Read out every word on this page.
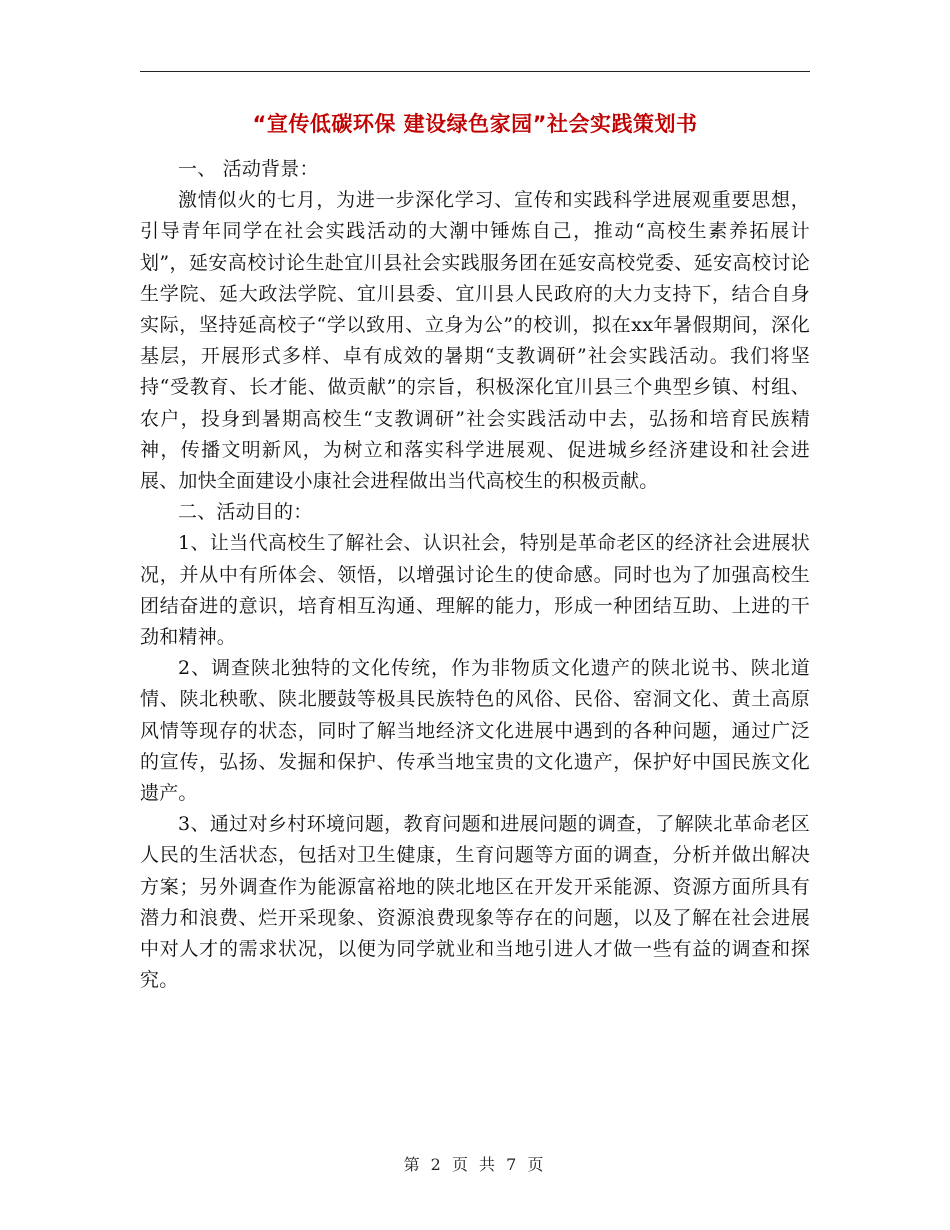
“宣传低碳环保 建设绿色家园”社会实践策划书

一、 活动背景：

激情似火的七月，为进一步深化学习、宣传和实践科学进展观重要思想，引导青年同学在社会实践活动的大潮中锤炼自己，推动“高校生素养拓展计划”，延安高校讨论生赴宜川县社会实践服务团在延安高校党委、延安高校讨论生学院、延大政法学院、宜川县委、宜川县人民政府的大力支持下，结合自身实际，坚持延高校子“学以致用、立身为公”的校训，拟在xx年暑假期间，深化基层，开展形式多样、卓有成效的暑期“支教调研”社会实践活动。我们将坚持“受教育、长才能、做贡献”的宗旨，积极深化宜川县三个典型乡镇、村组、农户，投身到暑期高校生“支教调研”社会实践活动中去，弘扬和培育民族精神，传播文明新风，为树立和落实科学进展观、促进城乡经济建设和社会进展、加快全面建设小康社会进程做出当代高校生的积极贡献。

二、活动目的：

1、让当代高校生了解社会、认识社会，特别是革命老区的经济社会进展状况，并从中有所体会、领悟，以增强讨论生的使命感。同时也为了加强高校生团结奋进的意识，培育相互沟通、理解的能力，形成一种团结互助、上进的干劲和精神。

2、调查陕北独特的文化传统，作为非物质文化遗产的陕北说书、陕北道情、陕北秧歌、陕北腰鼓等极具民族特色的风俗、民俗、窑洞文化、黄土高原风情等现存的状态，同时了解当地经济文化进展中遇到的各种问题，通过广泛的宣传，弘扬、发掘和保护、传承当地宝贵的文化遗产，保护好中国民族文化遗产。

3、通过对乡村环境问题，教育问题和进展问题的调查，了解陕北革命老区人民的生活状态，包括对卫生健康，生育问题等方面的调查，分析并做出解决方案；另外调查作为能源富裕地的陕北地区在开发开采能源、资源方面所具有潜力和浪费、烂开采现象、资源浪费现象等存在的问题，以及了解在社会进展中对人才的需求状况，以便为同学就业和当地引进人才做一些有益的调查和探究。

第 2 页 共 7 页
